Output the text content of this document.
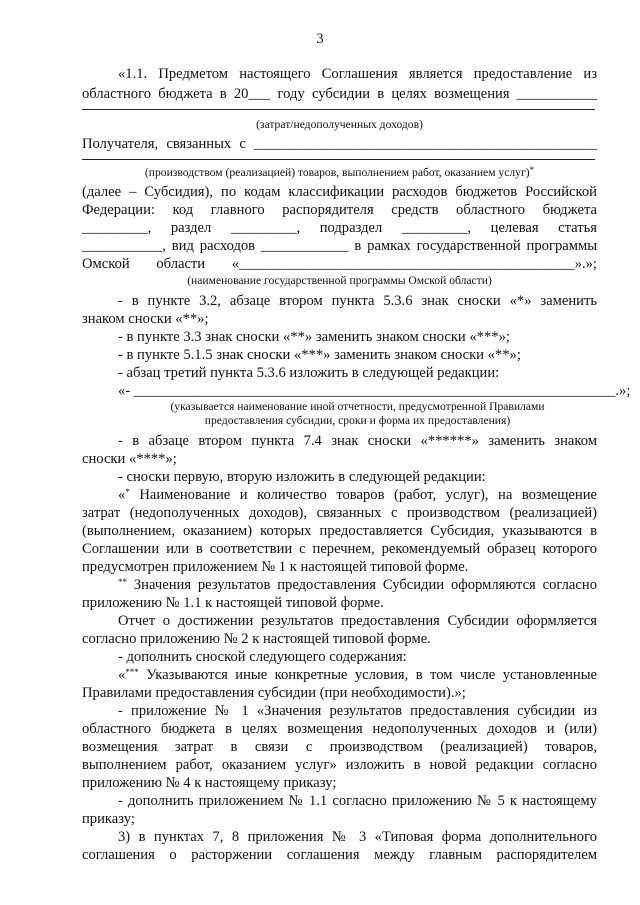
3
«1.1. Предметом настоящего Соглашения является предоставление из
областного бюджета в 20___ году субсидии в целях возмещения ___________
(затрат/недополученных доходов)
Получателя, связанных с _______________________________________________
(производством (реализацией) товаров, выполнением работ, оказанием услуг)*
(далее – Субсидия), по кодам классификации расходов бюджетов Российской
Федерации: код главного распорядителя средств областного бюджета
_________, раздел _________, подраздел _________, целевая статья
___________, вид расходов ____________ в рамках государственной программы
Омской области «______________________________________________».»;
(наименование государственной программы Омской области)
- в пункте 3.2, абзаце втором пункта 5.3.6 знак сноски «*» заменить
знаком сноски «**»;
- в пункте 3.3 знак сноски «**» заменить знаком сноски «***»;
- в пункте 5.1.5 знак сноски «***» заменить знаком сноски «**»;
- абзац третий пункта 5.3.6 изложить в следующей редакции:
«- __________________________________________________________________.»;
(указывается наименование иной отчетности, предусмотренной Правилами
предоставления субсидии, сроки и форма их предоставления)
- в абзаце втором пункта 7.4 знак сноски «******» заменить знаком
сноски «****»;
- сноски первую, вторую изложить в следующей редакции:
«* Наименование и количество товаров (работ, услуг), на возмещение
затрат (недополученных доходов), связанных с производством (реализацией)
(выполнением, оказанием) которых предоставляется Субсидия, указываются в
Соглашении или в соответствии с перечнем, рекомендуемый образец которого
предусмотрен приложением № 1 к настоящей типовой форме.
** Значения результатов предоставления Субсидии оформляются согласно
приложению № 1.1 к настоящей типовой форме.
Отчет о достижении результатов предоставления Субсидии оформляется
согласно приложению № 2 к настоящей типовой форме.
- дополнить сноской следующего содержания:
«*** Указываются иные конкретные условия, в том числе установленные
Правилами предоставления субсидии (при необходимости).»;
- приложение № 1 «Значения результатов предоставления субсидии из
областного бюджета в целях возмещения недополученных доходов и (или)
возмещения затрат в связи с производством (реализацией) товаров,
выполнением работ, оказанием услуг» изложить в новой редакции согласно
приложению № 4 к настоящему приказу;
- дополнить приложением № 1.1 согласно приложению № 5 к настоящему
приказу;
3) в пунктах 7, 8 приложения № 3 «Типовая форма дополнительного
соглашения о расторжении соглашения между главным распорядителем
